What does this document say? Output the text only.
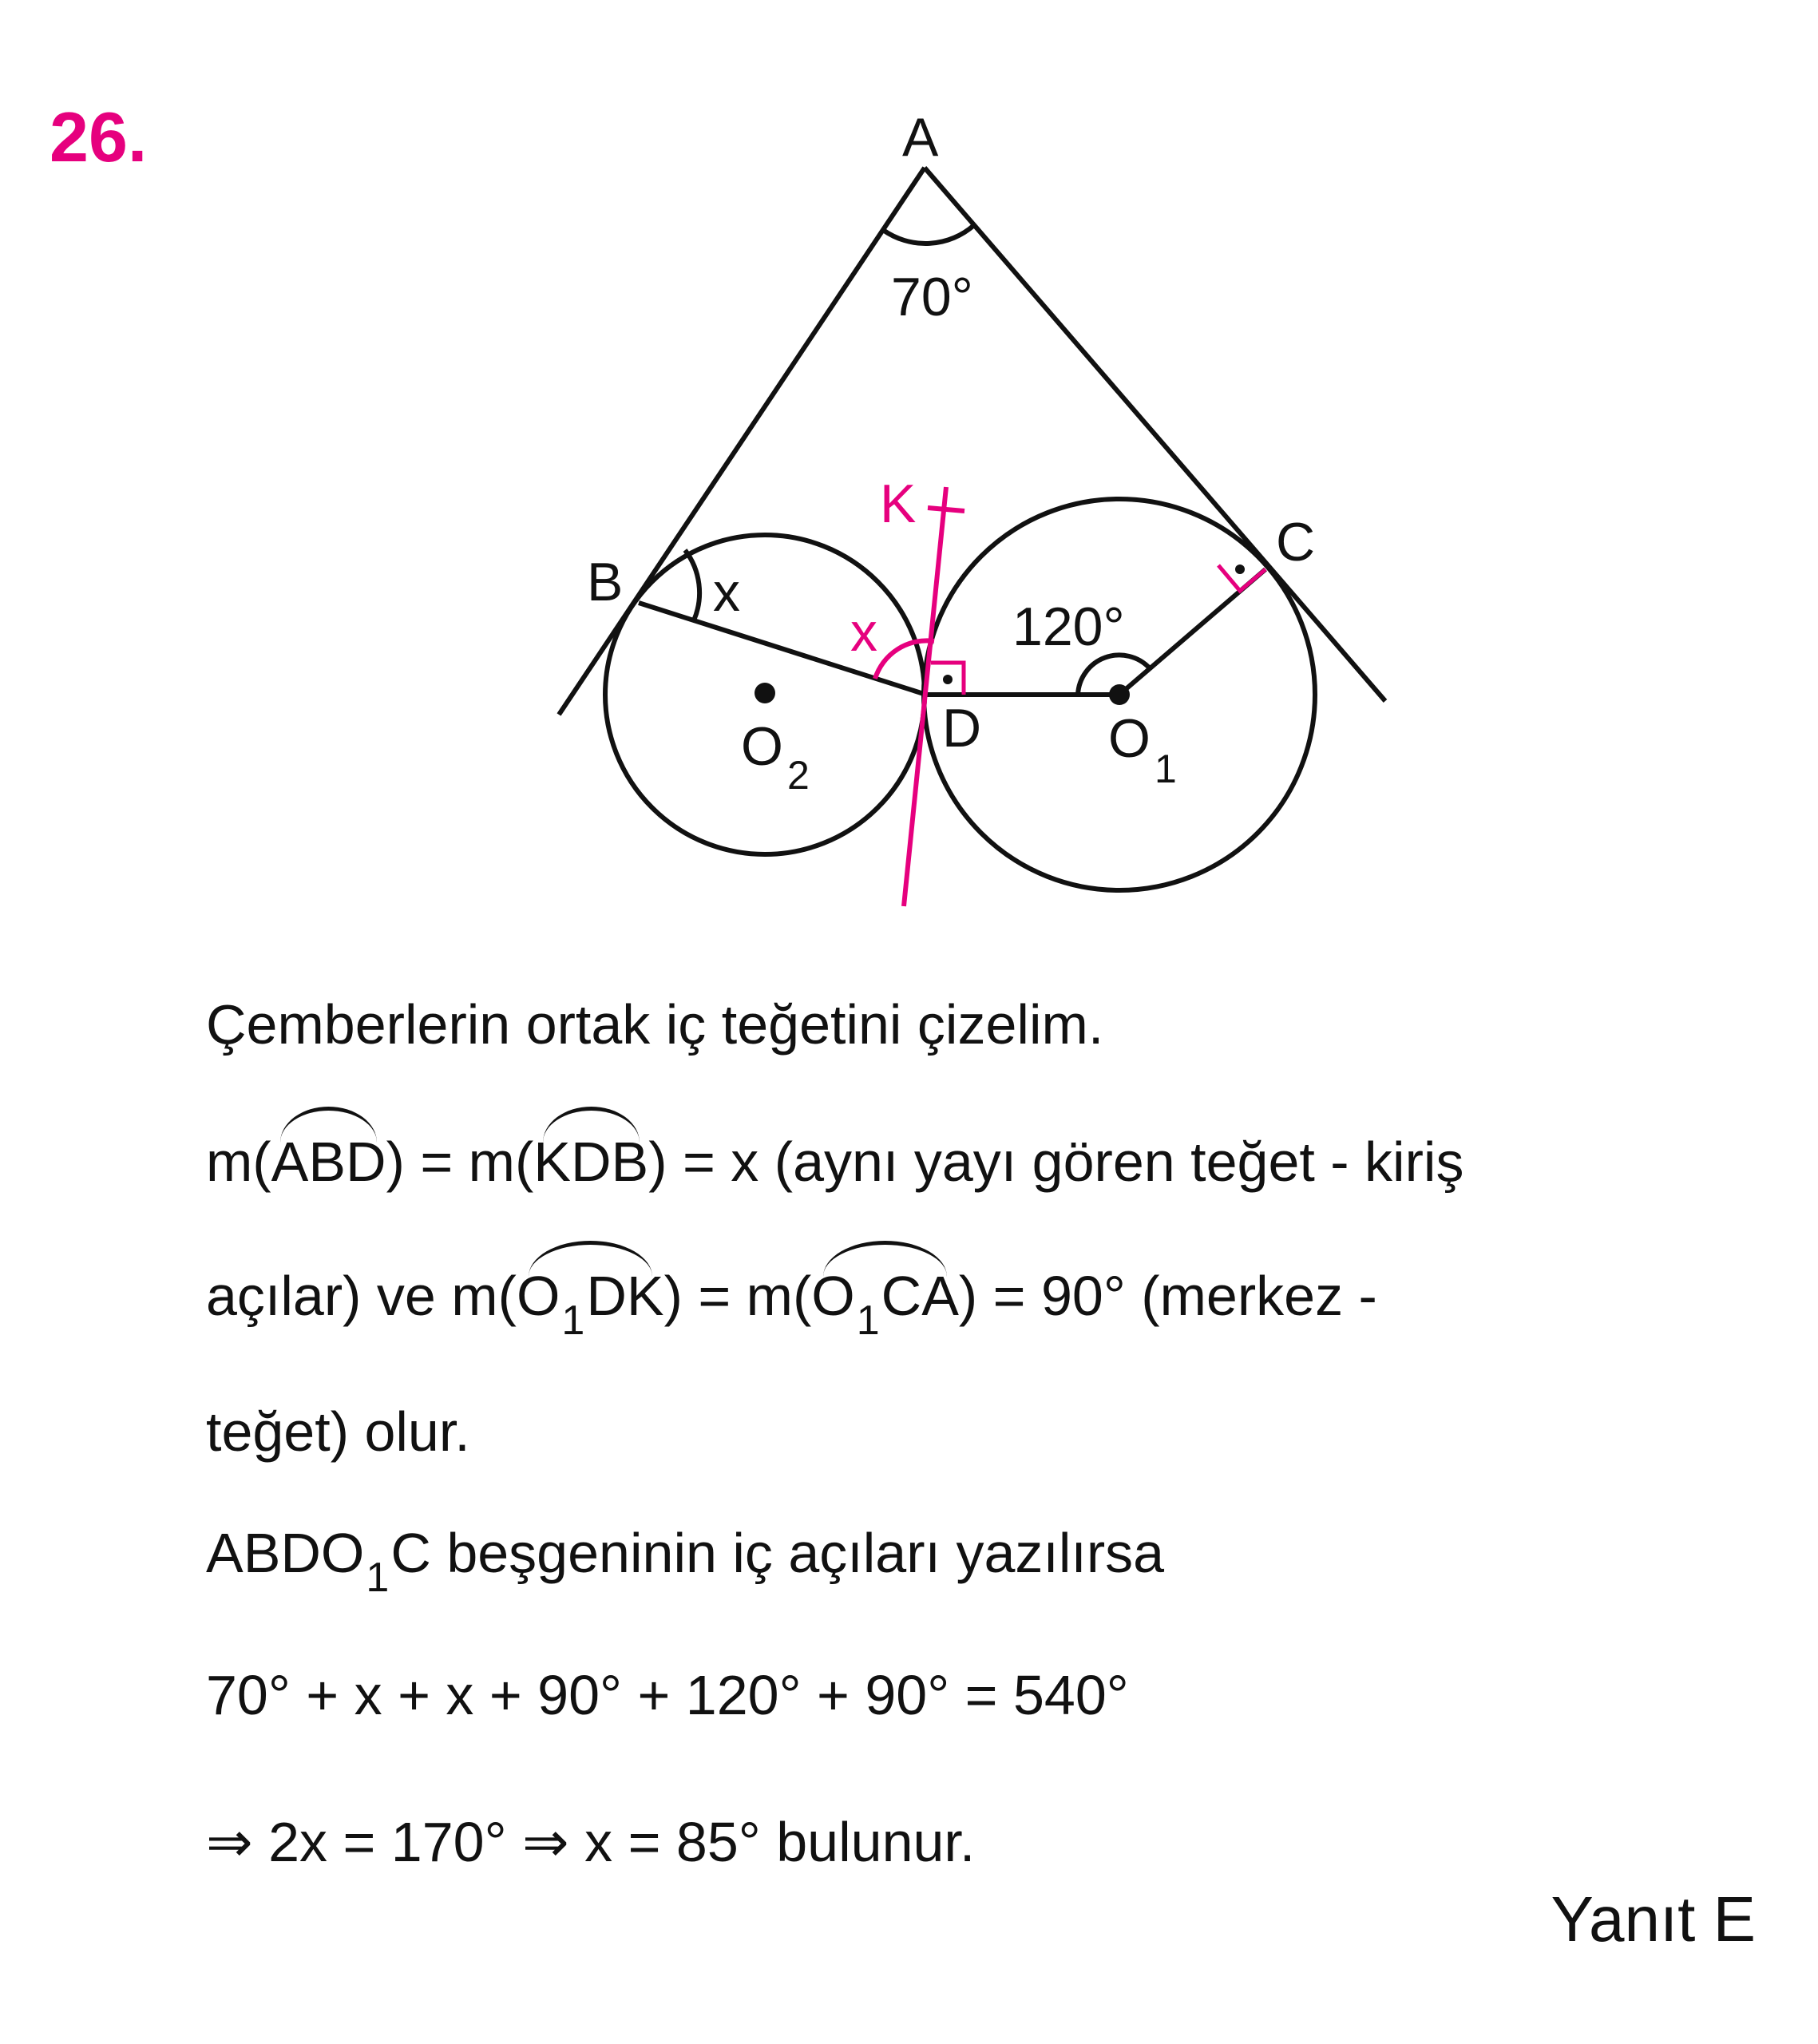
26.	A
B
C
D
K
O 1
O 2
70°
x
x 120°
Çemberlerin ortak iç teğetini çizelim.
m(ABD) = m(KDB) = x (aynı yayı gören teğet - kiriş
açılar) ve $m(O_1DK) = m(O_1CA) = 90^\circ$ (merkez -
teğet) olur.
$ABDO_1C$ beşgeninin iç açıları yazılırsa
70° + x + x + 90° + 120° + 90° = 540°
⇒ 2x = 170° ⇒ x = 85° bulunur.
Yanıt E
